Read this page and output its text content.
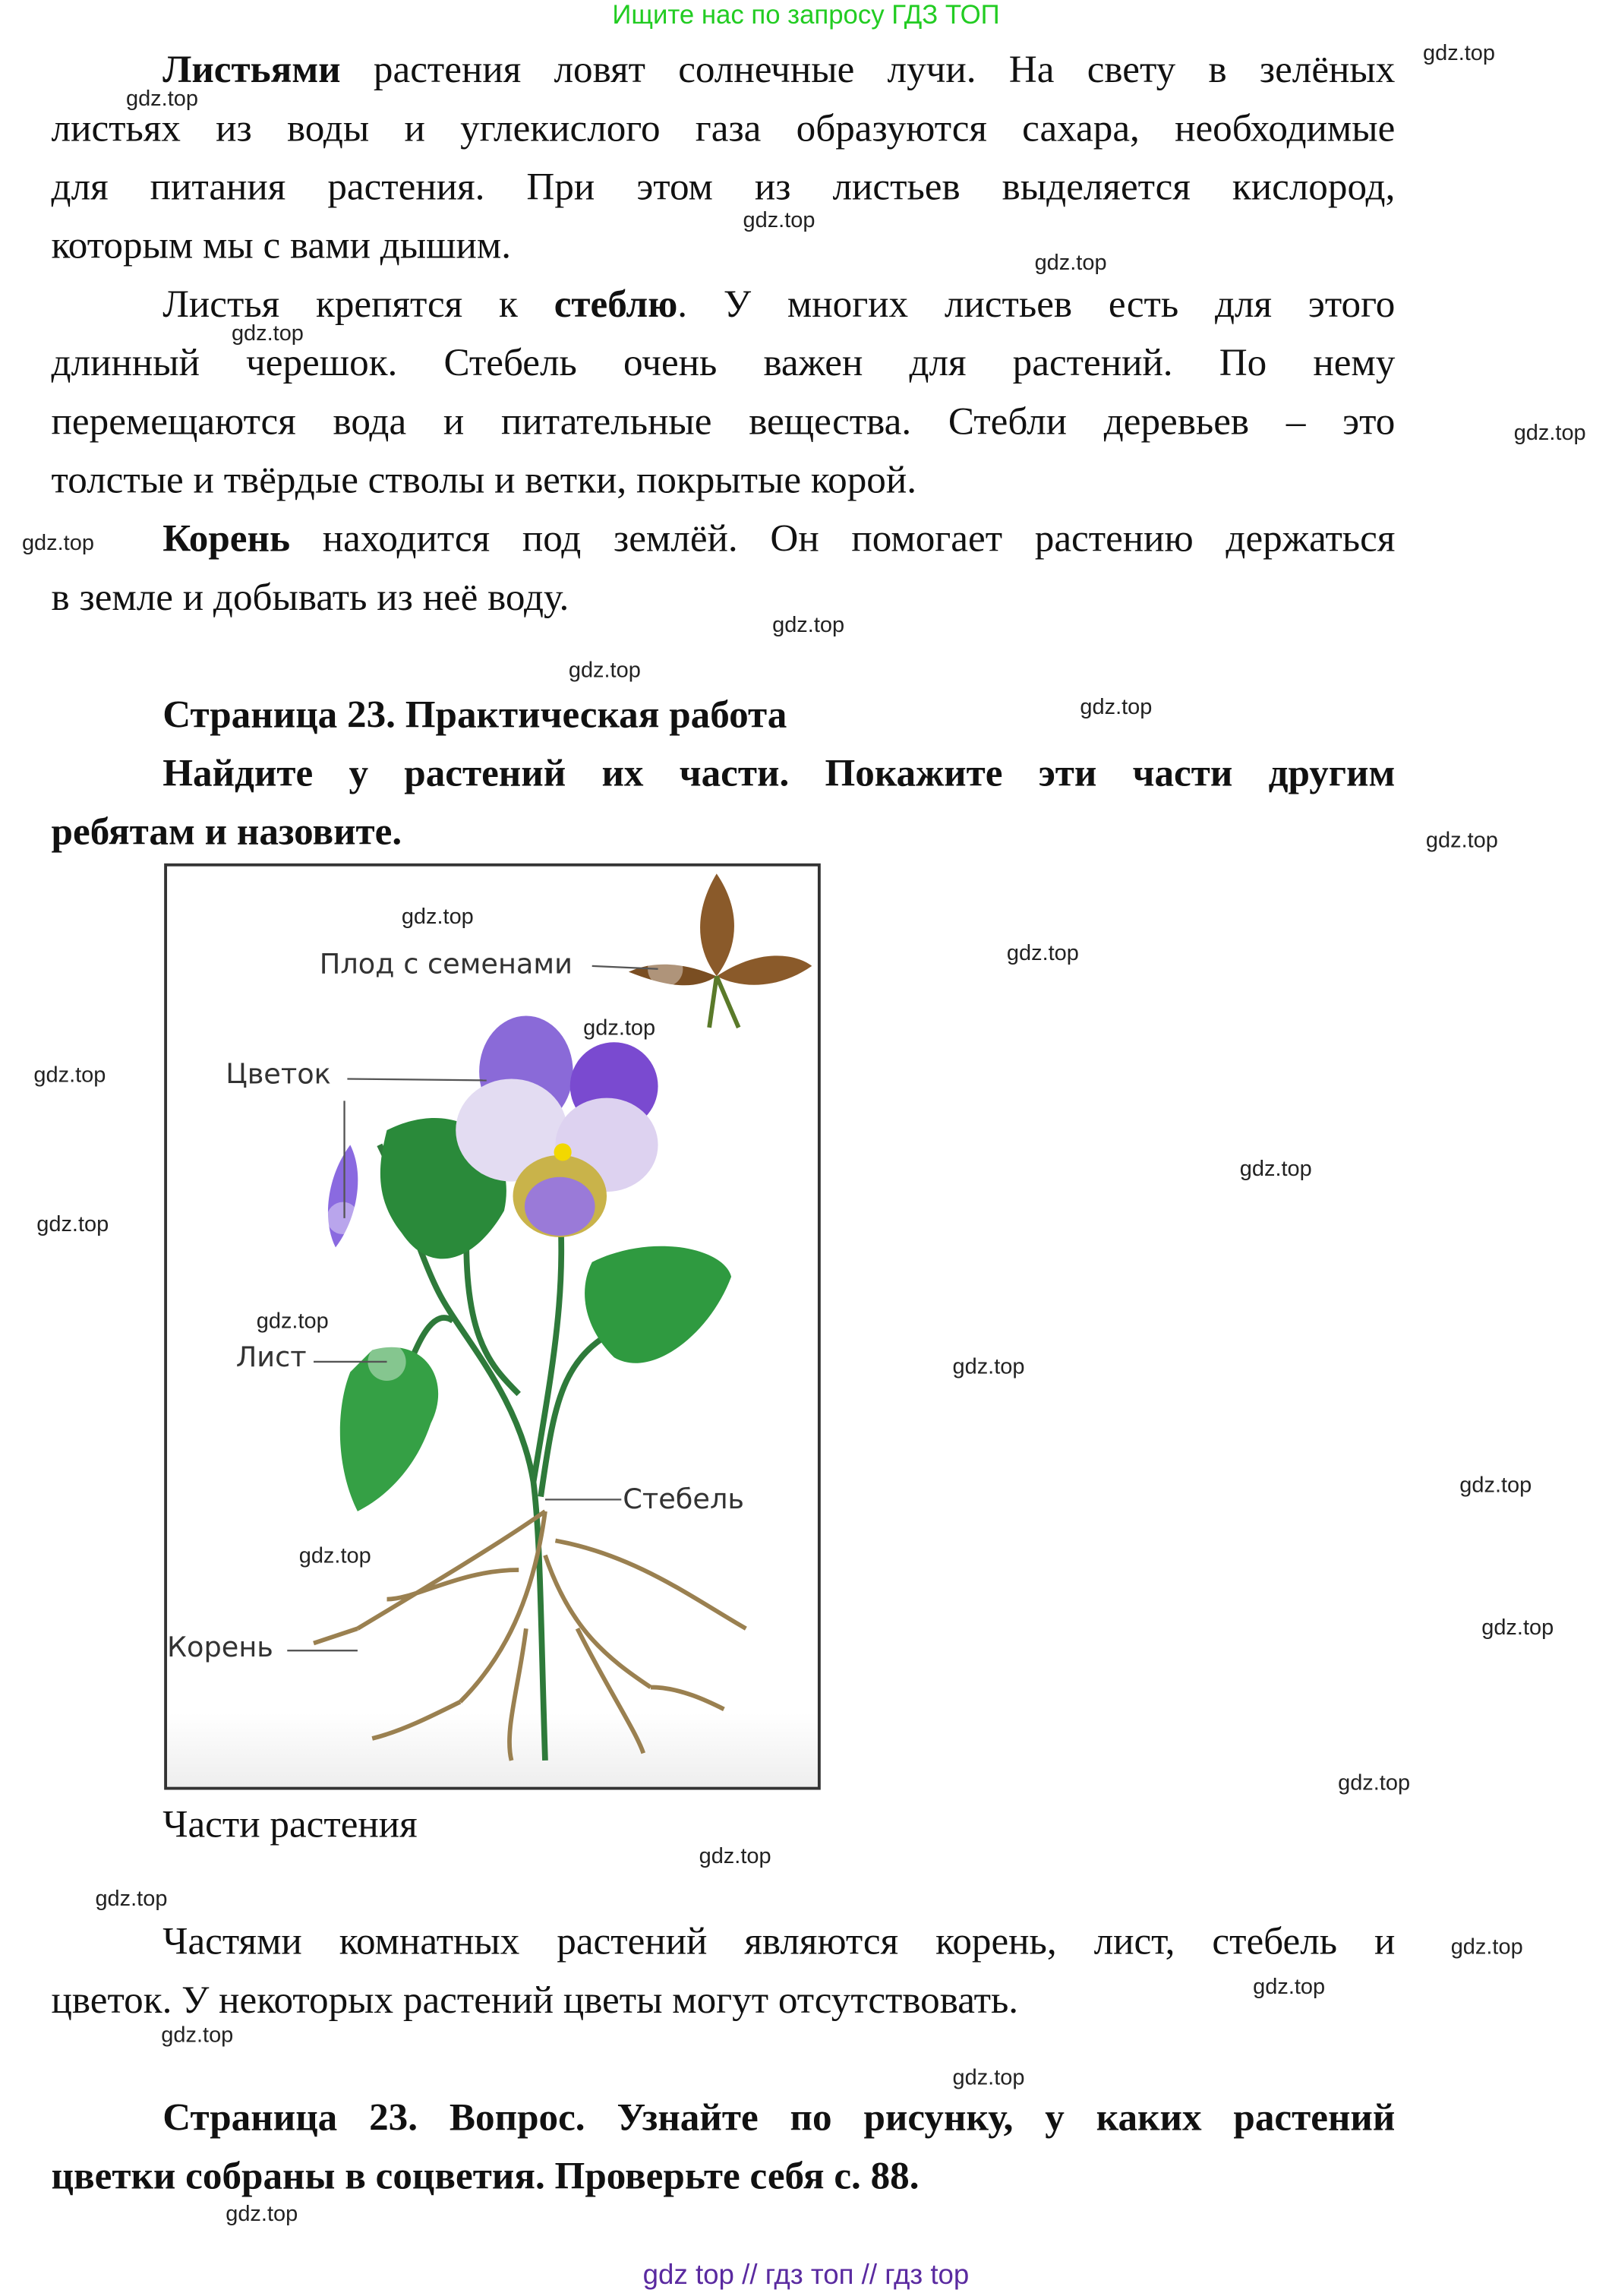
Ищите нас по запросу ГДЗ ТОП
Листьями растения ловят солнечные лучи. На свету в зелёных
листьях из воды и углекислого газа образуются сахара, необходимые
для питания растения. При этом из листьев выделяется кислород,
которым мы с вами дышим.
Листья крепятся к стеблю. У многих листьев есть для этого
длинный черешок. Стебель очень важен для растений. По нему
перемещаются вода и питательные вещества. Стебли деревьев – это
толстые и твёрдые стволы и ветки, покрытые корой.
Корень находится под землёй. Он помогает растению держаться
в земле и добывать из неё воду.
Страница 23. Практическая работа
Найдите у растений их части. Покажите эти части другим
ребятам и назовите.
Плод с семенами
Цветок
Лист
Стебель
Корень
Части растения
Частями комнатных растений являются корень, лист, стебель и
цветок. У некоторых растений цветы могут отсутствовать.
Страница 23. Вопрос. Узнайте по рисунку, у каких растений
цветки собраны в соцветия. Проверьте себя с. 88.
gdz top // гдз топ // гдз top
gdz.top
gdz.top
gdz.top
gdz.top
gdz.top
gdz.top
gdz.top
gdz.top
gdz.top
gdz.top
gdz.top
gdz.top
gdz.top
gdz.top
gdz.top
gdz.top
gdz.top
gdz.top
gdz.top
gdz.top
gdz.top
gdz.top
gdz.top
gdz.top
gdz.top
gdz.top
gdz.top
gdz.top
gdz.top
gdz.top
